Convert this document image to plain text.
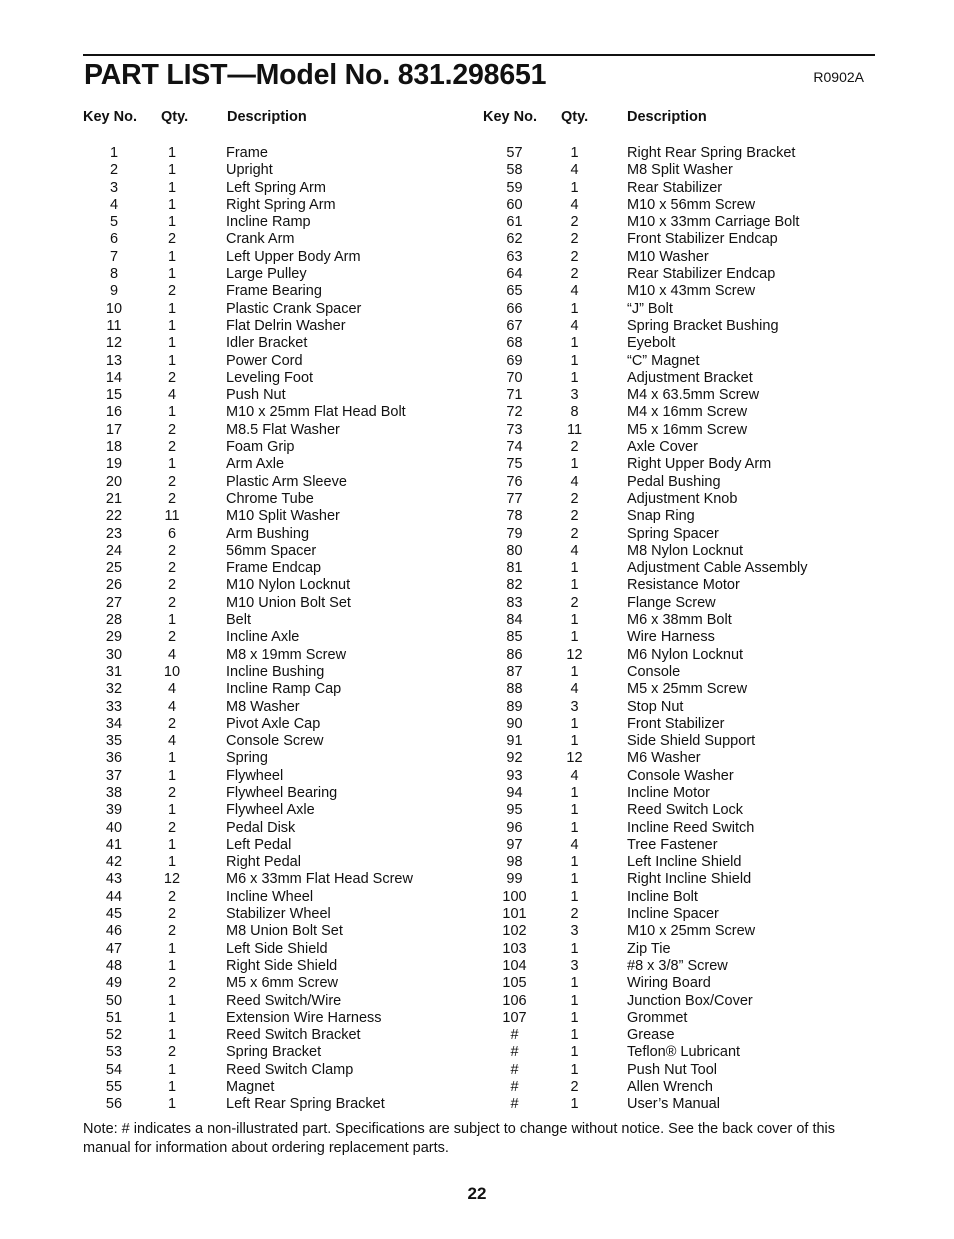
PART LIST—Model No. 831.298651	R0902A
Key No.	Qty.	Description
1	1	Frame
2	1	Upright
3	1	Left Spring Arm
4	1	Right Spring Arm
5	1	Incline Ramp
6	2	Crank Arm
7	1	Left Upper Body Arm
8	1	Large Pulley
9	2	Frame Bearing
10	1	Plastic Crank Spacer
11	1	Flat Delrin Washer
12	1	Idler Bracket
13	1	Power Cord
14	2	Leveling Foot
15	4	Push Nut
16	1	M10 x 25mm Flat Head Bolt
17	2	M8.5 Flat Washer
18	2	Foam Grip
19	1	Arm Axle
20	2	Plastic Arm Sleeve
21	2	Chrome Tube
22	11	M10 Split Washer
23	6	Arm Bushing
24	2	56mm Spacer
25	2	Frame Endcap
26	2	M10 Nylon Locknut
27	2	M10 Union Bolt Set
28	1	Belt
29	2	Incline Axle
30	4	M8 x 19mm Screw
31	10	Incline Bushing
32	4	Incline Ramp Cap
33	4	M8 Washer
34	2	Pivot Axle Cap
35	4	Console Screw
36	1	Spring
37	1	Flywheel
38	2	Flywheel Bearing
39	1	Flywheel Axle
40	2	Pedal Disk
41	1	Left Pedal
42	1	Right Pedal
43	12	M6 x 33mm Flat Head Screw
44	2	Incline Wheel
45	2	Stabilizer Wheel
46	2	M8 Union Bolt Set
47	1	Left Side Shield
48	1	Right Side Shield
49	2	M5 x 6mm Screw
50	1	Reed Switch/Wire
51	1	Extension Wire Harness
52	1	Reed Switch Bracket
53	2	Spring Bracket
54	1	Reed Switch Clamp
55	1	Magnet
56	1	Left Rear Spring Bracket
Key No.	Qty.	Description
57	1	Right Rear Spring Bracket
58	4	M8 Split Washer
59	1	Rear Stabilizer
60	4	M10 x 56mm Screw
61	2	M10 x 33mm Carriage Bolt
62	2	Front Stabilizer Endcap
63	2	M10 Washer
64	2	Rear Stabilizer Endcap
65	4	M10 x 43mm Screw
66	1	“J” Bolt
67	4	Spring Bracket Bushing
68	1	Eyebolt
69	1	“C” Magnet
70	1	Adjustment Bracket
71	3	M4 x 63.5mm Screw
72	8	M4 x 16mm Screw
73	11	M5 x 16mm Screw
74	2	Axle Cover
75	1	Right Upper Body Arm
76	4	Pedal Bushing
77	2	Adjustment Knob
78	2	Snap Ring
79	2	Spring Spacer
80	4	M8 Nylon Locknut
81	1	Adjustment Cable Assembly
82	1	Resistance Motor
83	2	Flange Screw
84	1	M6 x 38mm Bolt
85	1	Wire Harness
86	12	M6 Nylon Locknut
87	1	Console
88	4	M5 x 25mm Screw
89	3	Stop Nut
90	1	Front Stabilizer
91	1	Side Shield Support
92	12	M6 Washer
93	4	Console Washer
94	1	Incline Motor
95	1	Reed Switch Lock
96	1	Incline Reed Switch
97	4	Tree Fastener
98	1	Left Incline Shield
99	1	Right Incline Shield
100	1	Incline Bolt
101	2	Incline Spacer
102	3	M10 x 25mm Screw
103	1	Zip Tie
104	3	#8 x 3/8” Screw
105	1	Wiring Board
106	1	Junction Box/Cover
107	1	Grommet
#	1	Grease
#	1	Teflon® Lubricant
#	1	Push Nut Tool
#	2	Allen Wrench
#	1	User’s Manual
Note: # indicates a non-illustrated part. Specifications are subject to change without notice. See the back cover of this manual for information about ordering replacement parts.
22
